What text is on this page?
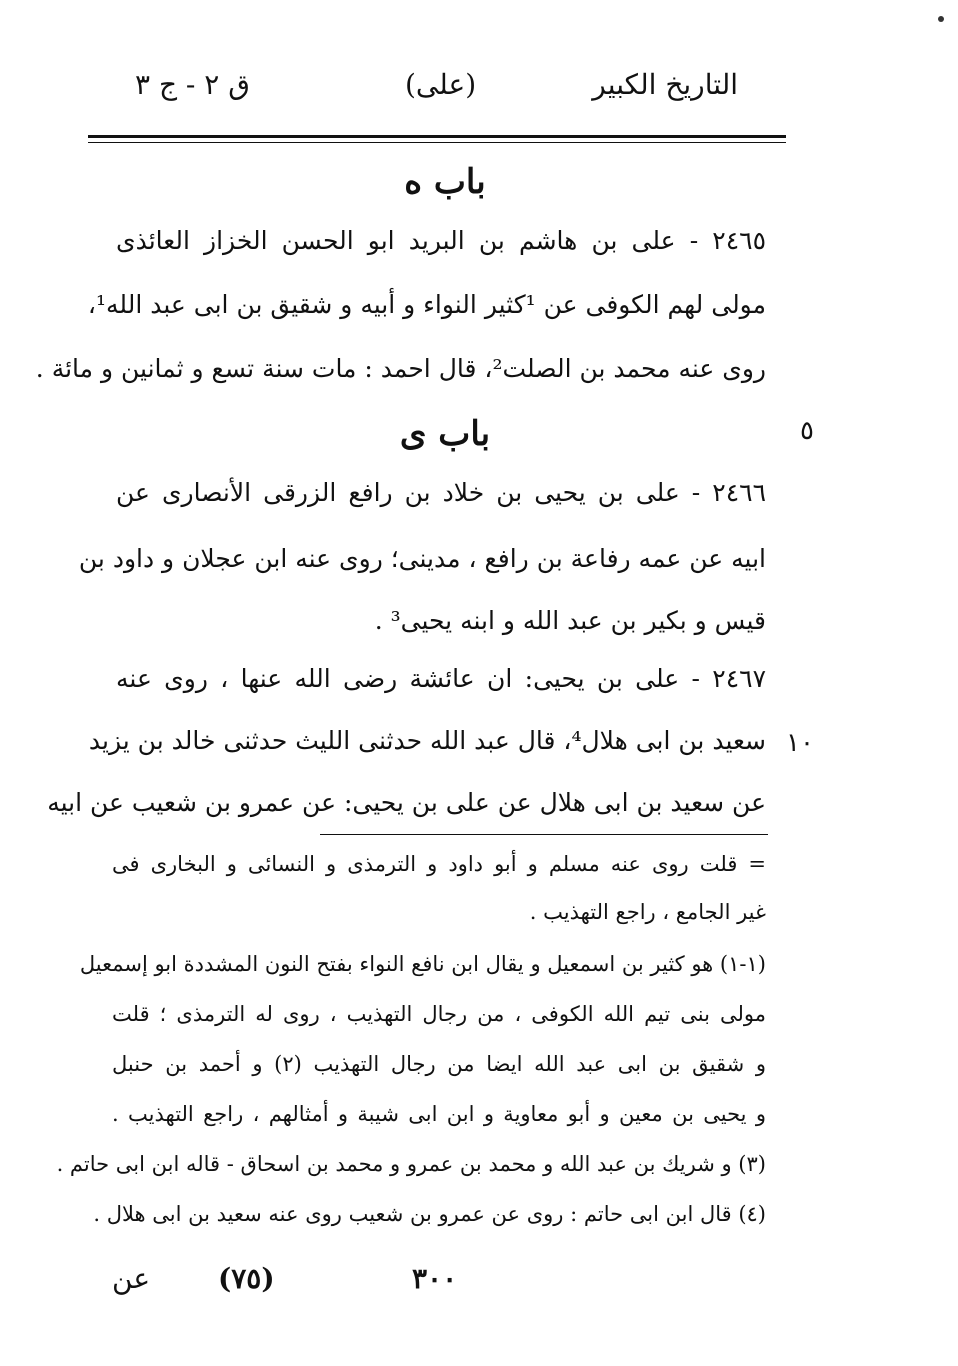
التاريخ الكبير
(علی)
ق ٢ - ج ٣
باب ه
٢٤٦٥ - علی بن هاشم بن البريد ابو الحسن الخزاز العائذی
مولی لهم الكوفی عن ¹كثير النواء و أبيه و شقيق بن ابی عبد الله¹،
روی عنه محمد بن الصلت²، قال احمد : مات سنة تسع و ثمانين و مائة .
٥
باب ی
٢٤٦٦ - علی بن يحيی بن خلاد بن رافع الزرقی الأنصاری عن
ابيه عن عمه رفاعة بن رافع ، مدينی؛ روی عنه ابن عجلان و داود بن
قيس و بكير بن عبد الله و ابنه يحيی³ .
٢٤٦٧ - علی بن يحيی: ان عائشة رضی الله عنها ، روی عنه
سعيد بن ابی هلال⁴، قال عبد الله حدثنی الليث حدثنی خالد بن يزيد
عن سعيد بن ابی هلال عن علی بن يحيی: عن عمرو بن شعيب عن ابيه
١٠
= قلت روی عنه مسلم و أبو داود و الترمذی و النسائی و البخاری فی
غير الجامع ، راجع التهذيب .
(١-١) هو كثير بن اسمعيل و يقال ابن نافع النواء بفتح النون المشددة ابو إسمعيل
مولی بنی تيم الله الكوفی ، من رجال التهذيب ، روی له الترمذی ؛ قلت
و شقيق بن ابی عبد الله ايضا من رجال التهذيب (٢) و أحمد بن حنبل
و يحيی بن معين و أبو معاوية و ابن ابی شيبة و أمثالهم ، راجع التهذيب .
(٣) و شريك بن عبد الله و محمد بن عمرو و محمد بن اسحاق - قاله ابن ابی حاتم .
(٤) قال ابن ابی حاتم : روی عن عمرو بن شعيب روی عنه سعيد بن ابی هلال .
٣٠٠
(٧٥)
عن
